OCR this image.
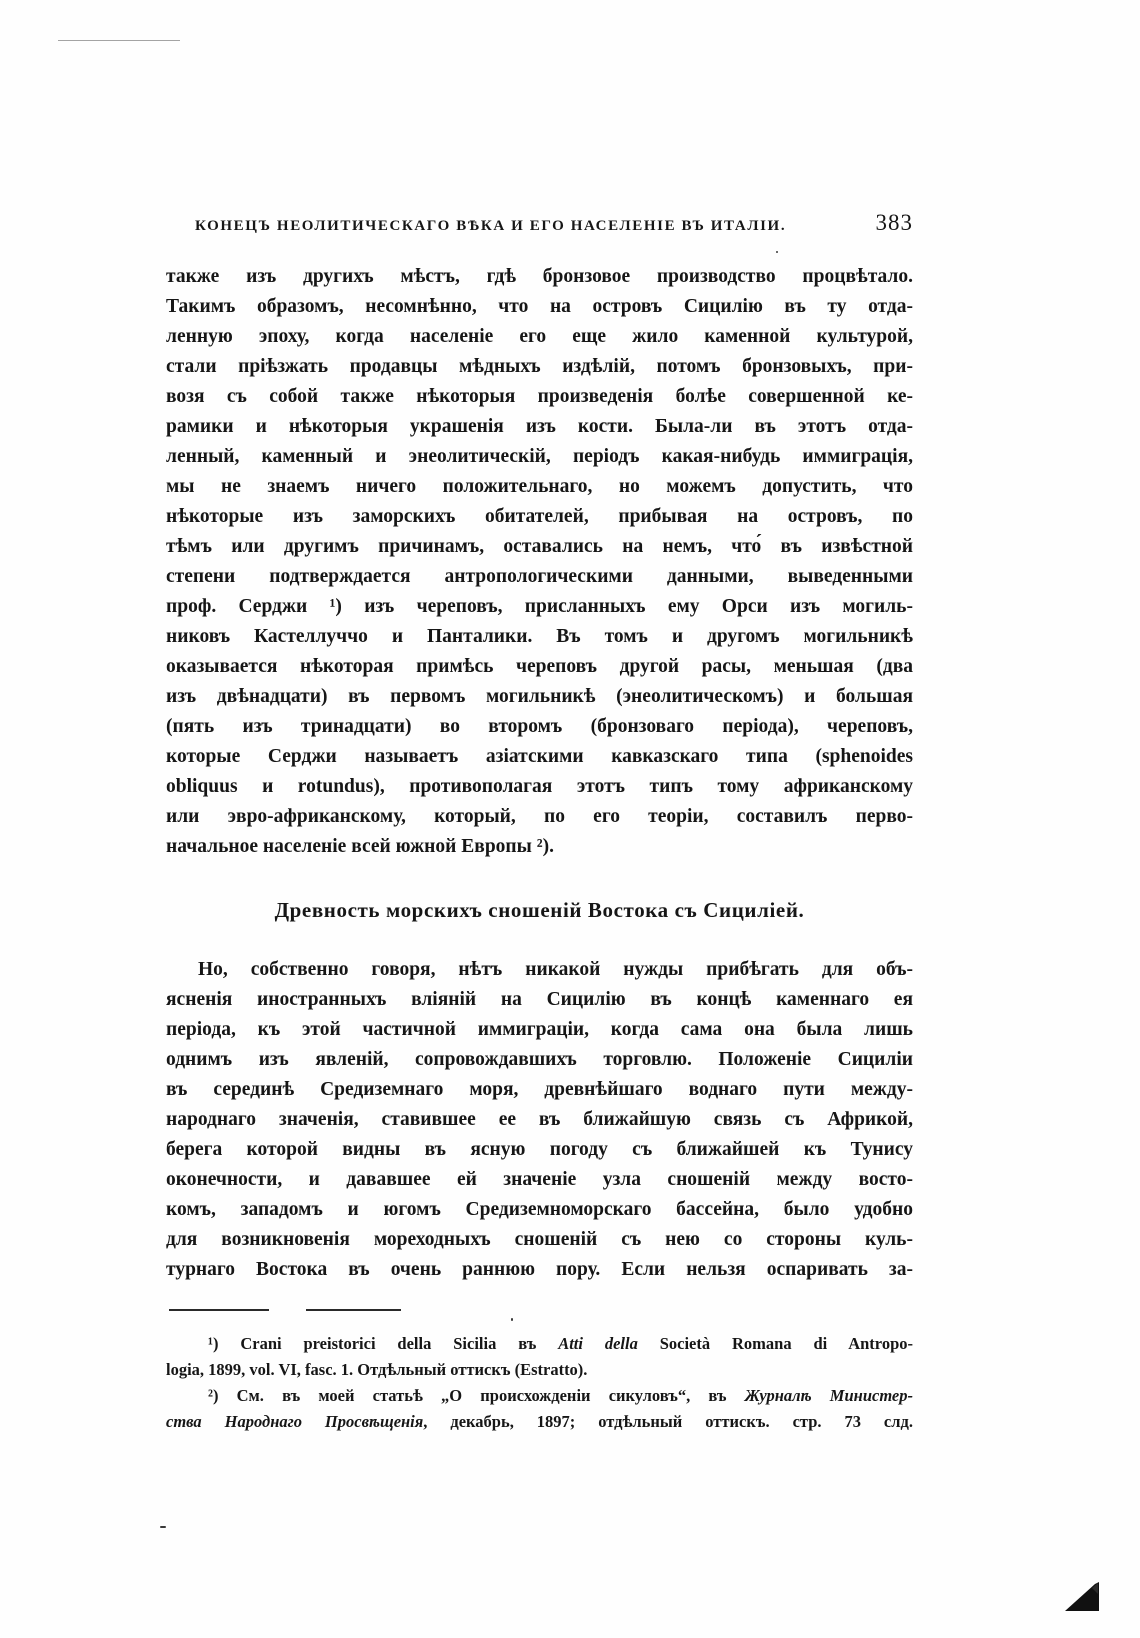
КОНЕЦЪ НЕОЛИТИЧЕСКАГО ВѢКА И ЕГО НАСЕЛЕНІЕ ВЪ ИТАЛІИ.	383
также изъ другихъ мѣстъ, гдѣ бронзовое производство процвѣтало.
Такимъ образомъ, несомнѣнно, что на островъ Сицилію въ ту отда-
ленную эпоху, когда населеніе его еще жило каменной культурой,
стали пріѣзжать продавцы мѣдныхъ издѣлій, потомъ бронзовыхъ, при-
возя съ собой также нѣкоторыя произведенія болѣе совершенной ке-
рамики и нѣкоторыя украшенія изъ кости. Была-ли въ этотъ отда-
ленный, каменный и энеолитическій, періодъ какая-нибудь иммиграція,
мы не знаемъ ничего положительнаго, но можемъ допустить, что
нѣкоторые изъ заморскихъ обитателей, прибывая на островъ, по
тѣмъ или другимъ причинамъ, оставались на немъ, что́ въ извѣстной
степени подтверждается антропологическими данными, выведенными
проф. Серджи ¹) изъ череповъ, присланныхъ ему Орси изъ могиль-
никовъ Кастеллуччо и Панталики. Въ томъ и другомъ могильникѣ
оказывается нѣкоторая примѣсь череповъ другой расы, меньшая (два
изъ двѣнадцати) въ первомъ могильникѣ (энеолитическомъ) и большая
(пять изъ тринадцати) во второмъ (бронзоваго періода), череповъ,
которые Серджи называетъ азіатскими кавказскаго типа (sphenoides
obliquus и rotundus), противополагая этотъ типъ тому африканскому
или эвро-африканскому, который, по его теоріи, составилъ перво-
начальное населеніе всей южной Европы ²).
Древность морскихъ сношеній Востока съ Сициліей.
Но, собственно говоря, нѣтъ никакой нужды прибѣгать для объ-
ясненія иностранныхъ вліяній на Сицилію въ концѣ каменнаго ея
періода, къ этой частичной иммиграціи, когда сама она была лишь
однимъ изъ явленій, сопровождавшихъ торговлю. Положеніе Сициліи
въ серединѣ Средиземнаго моря, древнѣйшаго воднаго пути между-
народнаго значенія, ставившее ее въ ближайшую связь съ Африкой,
берега которой видны въ ясную погоду съ ближайшей къ Тунису
оконечности, и дававшее ей значеніе узла сношеній между восто-
комъ, западомъ и югомъ Средиземноморскаго бассейна, было удобно
для возникновенія мореходныхъ сношеній съ нею со стороны куль-
турнаго Востока въ очень раннюю пору. Если нельзя оспаривать за-
¹) Crani preistorici della Sicilia въ Atti della Società Romana di Antropo-
logia, 1899, vol. VI, fasc. 1. Отдѣльный оттискъ (Estratto).
²) См. въ моей статьѣ „О происхожденіи сикуловъ“, въ Журналѣ Министер-
ства Народнаго Просвѣщенія, декабрь, 1897; отдѣльный оттискъ. стр. 73 слд.
